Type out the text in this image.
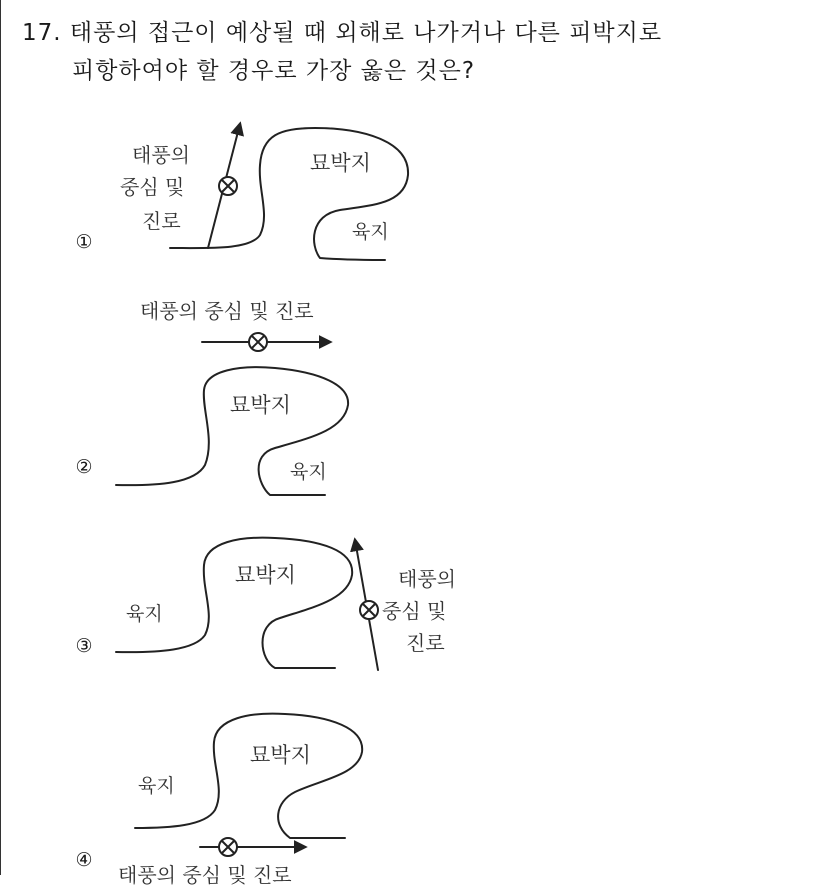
17. 태풍의 접근이 예상될 때 외해로 나가거나 다른 피박지로
피항하여야 할 경우로 가장 옳은 것은?
①
태풍의
중심 및
진로
묘박지
육지
②
태풍의 중심 및 진로
묘박지
육지
③
묘박지
육지
태풍의
중심 및
진로
④
묘박지
육지
태풍의 중심 및 진로
